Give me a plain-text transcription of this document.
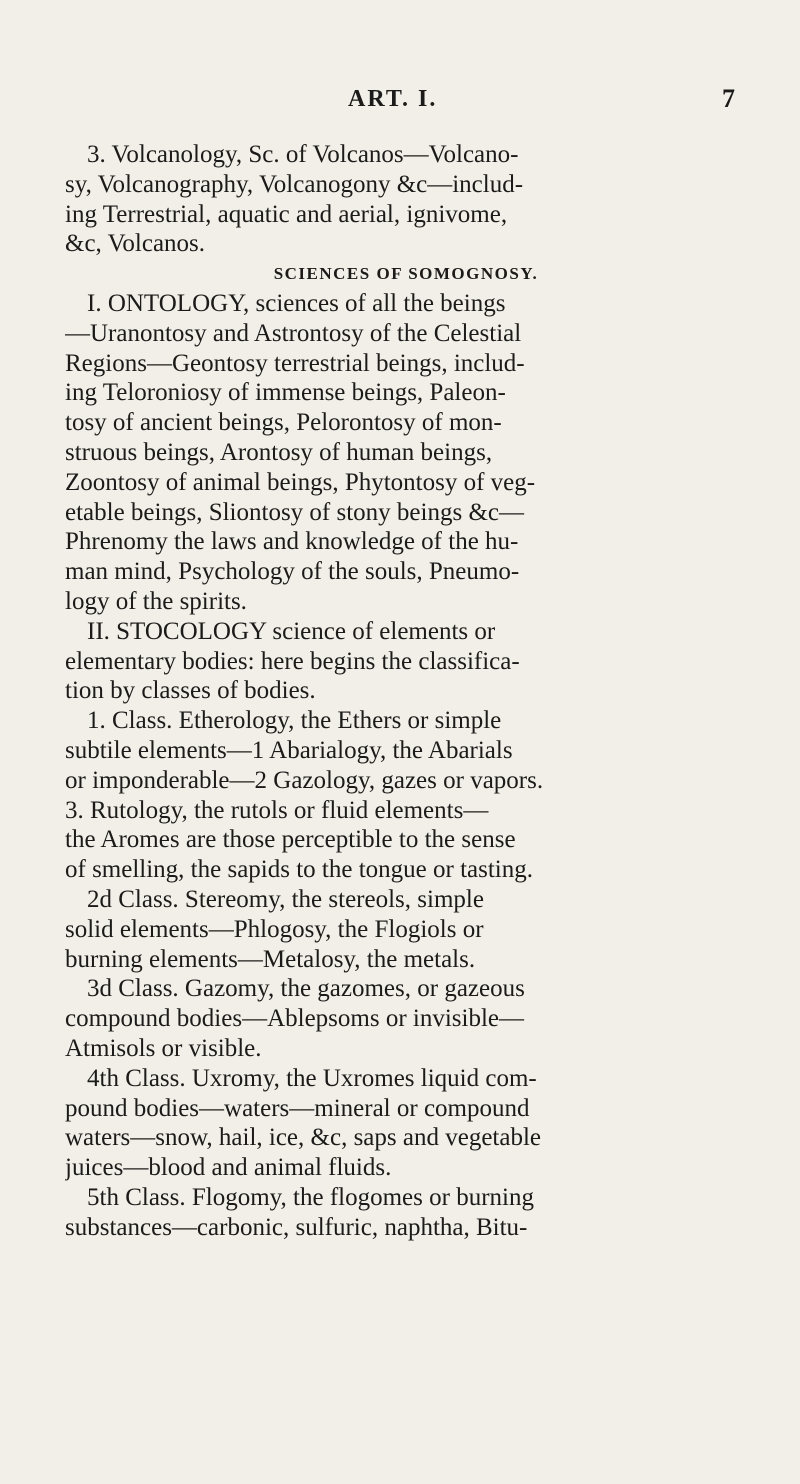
ART. I.	7
3. Volcanology, Sc. of Volcanos—Volcano-
sy, Volcanography, Volcanogony &c—includ-
ing Terrestrial, aquatic and aerial, ignivome,
&c, Volcanos.
SCIENCES OF SOMOGNOSY.
I. ONTOLOGY, sciences of all the beings
—Uranontosy and Astrontosy of the Celestial
Regions—Geontosy terrestrial beings, includ-
ing Teloroniosy of immense beings, Paleon-
tosy of ancient beings, Pelorontosy of mon-
struous beings, Arontosy of human beings,
Zoontosy of animal beings, Phytontosy of veg-
etable beings, Sliontosy of stony beings &c—
Phrenomy the laws and knowledge of the hu-
man mind, Psychology of the souls, Pneumo-
logy of the spirits.
II. STOCOLOGY science of elements or
elementary bodies: here begins the classifica-
tion by classes of bodies.
1. Class. Etherology, the Ethers or simple
subtile elements—1 Abarialogy, the Abarials
or imponderable—2 Gazology, gazes or vapors.
3. Rutology, the rutols or fluid elements—
the Aromes are those perceptible to the sense
of smelling, the sapids to the tongue or tasting.
2d Class. Stereomy, the stereols, simple
solid elements—Phlogosy, the Flogiols or
burning elements—Metalosy, the metals.
3d Class. Gazomy, the gazomes, or gazeous
compound bodies—Ablepsoms or invisible—
Atmisols or visible.
4th Class. Uxromy, the Uxromes liquid com-
pound bodies—waters—mineral or compound
waters—snow, hail, ice, &c, saps and vegetable
juices—blood and animal fluids.
5th Class. Flogomy, the flogomes or burning
substances—carbonic, sulfuric, naphtha, Bitu-
